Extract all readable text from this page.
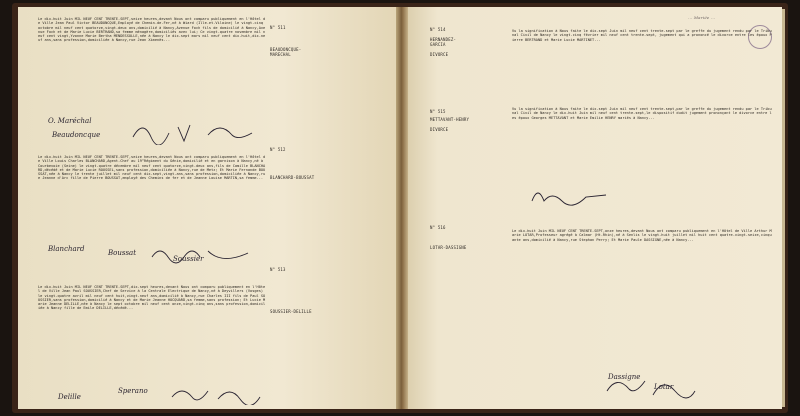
N° 511
BEAUDONCQUE-
MARECHAL
N° 512
BLANCHARD-BOUSSAT
N° 513
SOUSSIER-DELILLE
Le dix-huit Juin MIL NEUF CENT TRENTE-SEPT,seize heures,devant Nous ont comparu publiquement en l'Hôtel de Ville Jean Paul Victor BEAUDONCQUE,Employé de Chemin-de-Fer,né à Wiard (Ille-et-Vilaine) le vingt-cinq octobre mil neuf cent quatorze,vingt-deux ans,domicilié à Nancy,Avenue Foch fils de domicilié à Nancy,Avenue Foch et de Marie Lucie BERTRAND,sa femme ménagère,domiciliés avec lui; Ce vingt-quatre novembre mil neuf cent vingt,Yvonne Marie Bertha MENDESSOLLE,née à Nancy le dix-sept mars mil neuf cent dix-huit,dix-neuf ans,sans profession,domiciliée à Nancy,rue Jean Ximenès...
Le dix-huit Juin MIL NEUF CENT TRENTE-SEPT,seize heures,devant Nous ont comparu publiquement en l'Hôtel de Ville Louis Charles BLANCHARD,Agent-Chef au 19°Régiment du Génie,domicilié et en garnison à Nancy,né à Courbevoie (Seine) le vingt-quatre décembre mil neuf cent quatorze,vingt-deux ans,fils de Camille BLANCHARD,décédé et de Marie Lucie ROUSSEL,sans profession,domiciliée à Nancy,rue de Metz; Et Marie Fernande BOUSSAT,née à Nancy le trente juillet mil neuf cent dix-sept,vingt-ans,sans profession,domiciliée à Nancy,rue Jeanne d'Arc fille de Pierre BOUSSAT,employé des Chemins de fer et de Jeanne Louise MARTIN,sa femme...
Le dix-huit Juin MIL NEUF CENT TRENTE-SEPT,dix-sept heures,devant Nous ont comparu publiquement en l'Hôtel de Ville Jean Paul SOUSSIER,Chef de Service à la Centrale Electrique de Nancy,né à Deyvillers (Vosges) le vingt-quatre avril mil neuf cent huit,vingt-neuf ans,domicilié à Nancy,rue Charles III fils de Paul SOUSSIER,sans profession,domicilié à Nancy et de Marie Jeanne HOCQUARD,sa femme,sans profession; Et Lucie Marie Jeanne DELILLE,née à Nancy le sept octobre mil neuf cent onze,vingt-cinq ans,sans profession,domiciliée à Nancy fille de Emile DELILLE,décédé...
O. Maréchal
Beaudoncque
Blanchard	Boussat
Soussier
Delille
Sperano
... Mariée ...
N° 514
HERNANDEZ-
GARCIA

DIVORCE
N° 515
METTAVANT-HENRY

DIVORCE
N° 516
LOTAR-DASSIGNE
Vu la signification à Nous faite le dix-sept Juin mil neuf cent trente-sept par le greffe du jugement rendu par le Tribunal Civil de Nancy le vingt-cinq février mil neuf cent trente-sept, jugement qui a prononcé le divorce entre les époux Pierre BERTRAND et Marie Lucie MARTINET...
Vu la signification à Nous faite le dix-sept Juin mil neuf cent trente-sept,par le greffe du jugement rendu par le Tribunal Civil de Nancy le dix-huit Juin mil neuf cent trente-sept,le dispositif dudit jugement prononçant le divorce entre les époux Georges METTAVANT et Marie Emilie HENRY mariés à Nancy...
Le dix-huit Juin MIL NEUF CENT TRENTE-SEPT,onze heures,devant Nous ont comparu publiquement en l'Hôtel de Ville Arthur Marie LOTAR,Professeur agrégé à Calmar (Ht-Rhin),né à Senlis le vingt-huit juillet mil huit cent quatre-vingt-seize,cinquante ans,domicilié à Nancy,rue Stephan Perry; Et Marie Paule DASSIGNE,née à Nancy...
Dassigne
Lotar
